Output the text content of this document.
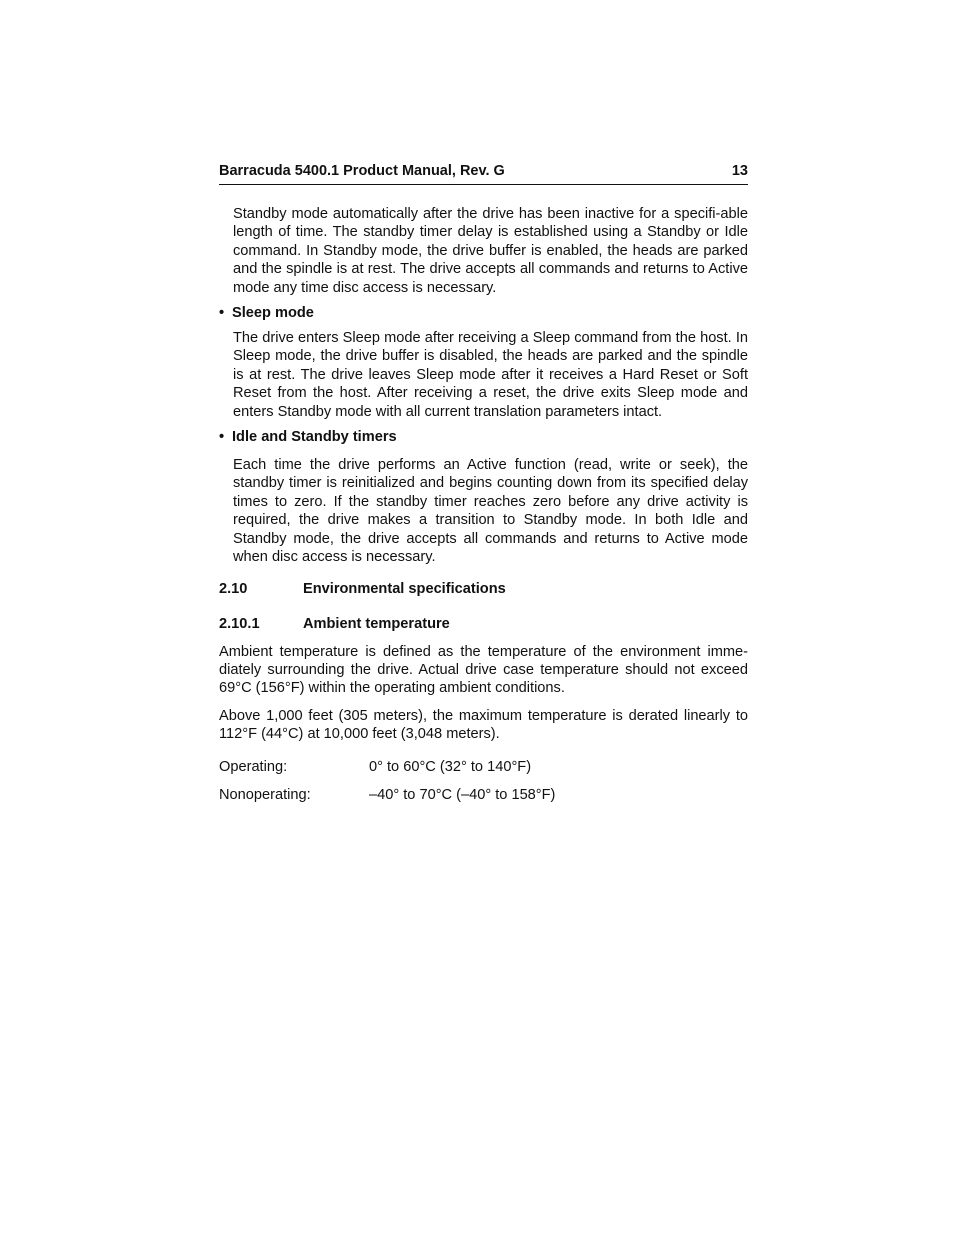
Barracuda 5400.1 Product Manual, Rev. G	13

Standby mode automatically after the drive has been inactive for a specifi-able length of time. The standby timer delay is established using a Standby or Idle command. In Standby mode, the drive buffer is enabled, the heads are parked and the spindle is at rest. The drive accepts all commands and returns to Active mode any time disc access is necessary.

• Sleep mode

The drive enters Sleep mode after receiving a Sleep command from the host. In Sleep mode, the drive buffer is disabled, the heads are parked and the spindle is at rest. The drive leaves Sleep mode after it receives a Hard Reset or Soft Reset from the host. After receiving a reset, the drive exits Sleep mode and enters Standby mode with all current translation parameters intact.

• Idle and Standby timers

Each time the drive performs an Active function (read, write or seek), the standby timer is reinitialized and begins counting down from its specified delay times to zero. If the standby timer reaches zero before any drive activity is required, the drive makes a transition to Standby mode. In both Idle and Standby mode, the drive accepts all commands and returns to Active mode when disc access is necessary.

2.10	Environmental specifications
2.10.1	Ambient temperature

Ambient temperature is defined as the temperature of the environment imme-diately surrounding the drive. Actual drive case temperature should not exceed 69°C (156°F) within the operating ambient conditions.

Above 1,000 feet (305 meters), the maximum temperature is derated linearly to 112°F (44°C) at 10,000 feet (3,048 meters).

Operating:	0° to 60°C (32° to 140°F)
Nonoperating:	–40° to 70°C (–40° to 158°F)
